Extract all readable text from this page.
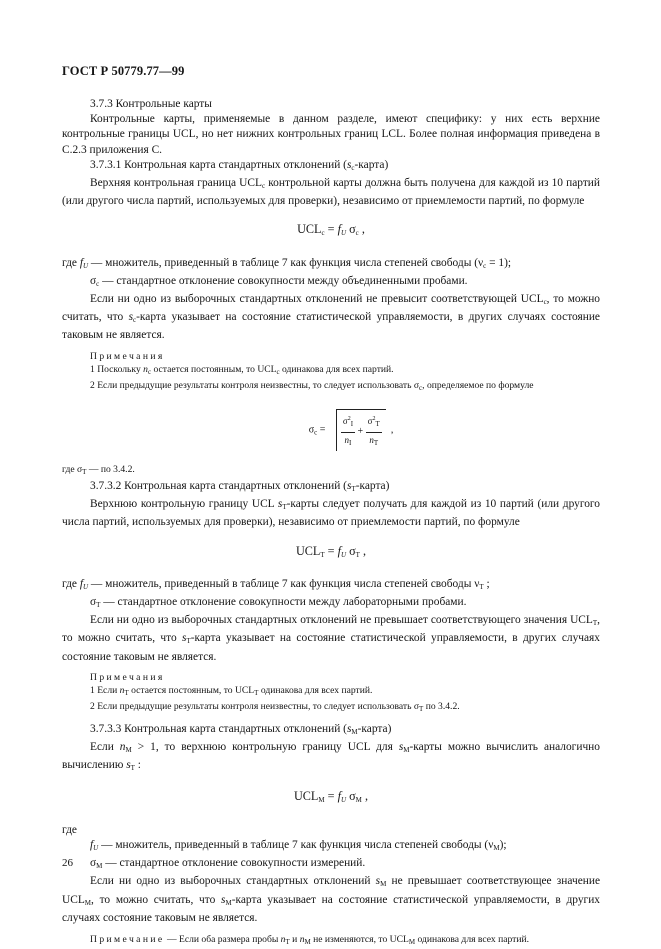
ГОСТ Р 50779.77—99

3.7.3 Контрольные карты

Контрольные карты, применяемые в данном разделе, имеют специфику: у них есть верхние контрольные границы UCL, но нет нижних контрольных границ LCL. Более полная информация приведена в С.2.3 приложения С.

3.7.3.1 Контрольная карта стандартных отклонений $(s_c-карта)$

Верхняя контрольная граница $UCL_c$ контрольной карты должна быть получена для каждой из 10 партий (или другого числа партий, используемых для проверки), независимо от приемлемости партий, по формуле

$UCL_c = f_U$ $\sigma_c$ ,

где $f_U$ — множитель, приведенный в таблице 7 как функция числа степеней свободы $(\nu_c = 1)$;

$\sigma_c$ — стандартное отклонение совокупности между объединенными пробами.

Если ни одно из выборочных стандартных отклонений не превысит соответствующей $UCL_c$, то можно считать, что $s_c$-карта указывает на состояние статистической управляемости, в других случаях состояние таковым не является.

Примечания

1 Поскольку $n_c$ остается постоянным, то $UCL_c$ одинакова для всех партий.

2 Если предыдущие результаты контроля неизвестны, то следует использовать $\sigma_c$, определяемое по формуле

$\sigma_c = \frac{\sigma^2_I}{n_I} + \frac{\sigma^2_T}{n_T}$ ,

где $\sigma_T$ — по 3.4.2.

3.7.3.2 Контрольная карта стандартных отклонений $(s_T-карта)$

Верхнюю контрольную границу UCL $s_T$-карты следует получать для каждой из 10 партий (или другого числа партий, используемых для проверки), независимо от приемлемости партий, по формуле

$UCL_T = f_U$ $\sigma_T$ ,

где $f_U$ — множитель, приведенный в таблице 7 как функция числа степеней свободы $\nu_T$ ;

$\sigma_T$ — стандартное отклонение совокупности между лабораторными пробами.

Если ни одно из выборочных стандартных отклонений не превышает соответствующего значения $UCL_T$, то можно считать, что $s_T$-карта указывает на состояние статистической управляемости, в других случаях состояние таковым не является.

Примечания

1 Если $n_T$ остается постоянным, то $UCL_T$ одинакова для всех партий.

2 Если предыдущие результаты контроля неизвестны, то следует использовать $\sigma_T$ по 3.4.2.

3.7.3.3 Контрольная карта стандартных отклонений $(s_M-карта)$

Если $n_M > 1$, то верхнюю контрольную границу UCL для $s_M$-карты можно вычислить аналогично вычислению $s_T$ :

$UCL_M = f_U$ $\sigma_M$ ,

где

$f_U$ — множитель, приведенный в таблице 7 как функция числа степеней свободы $(\nu_M)$;

$\sigma_M$ — стандартное отклонение совокупности измерений.

Если ни одно из выборочных стандартных отклонений $s_M$ не превышает соответствующее значение $UCL_M$, то можно считать, что $s_M$-карта указывает на состояние статистической управляемости, в других случаях состояние таковым не является.

Примечание — Если оба размера пробы $n_T$ и $n_M$ не изменяются, то $UCL_M$ одинакова для всех партий.

26
